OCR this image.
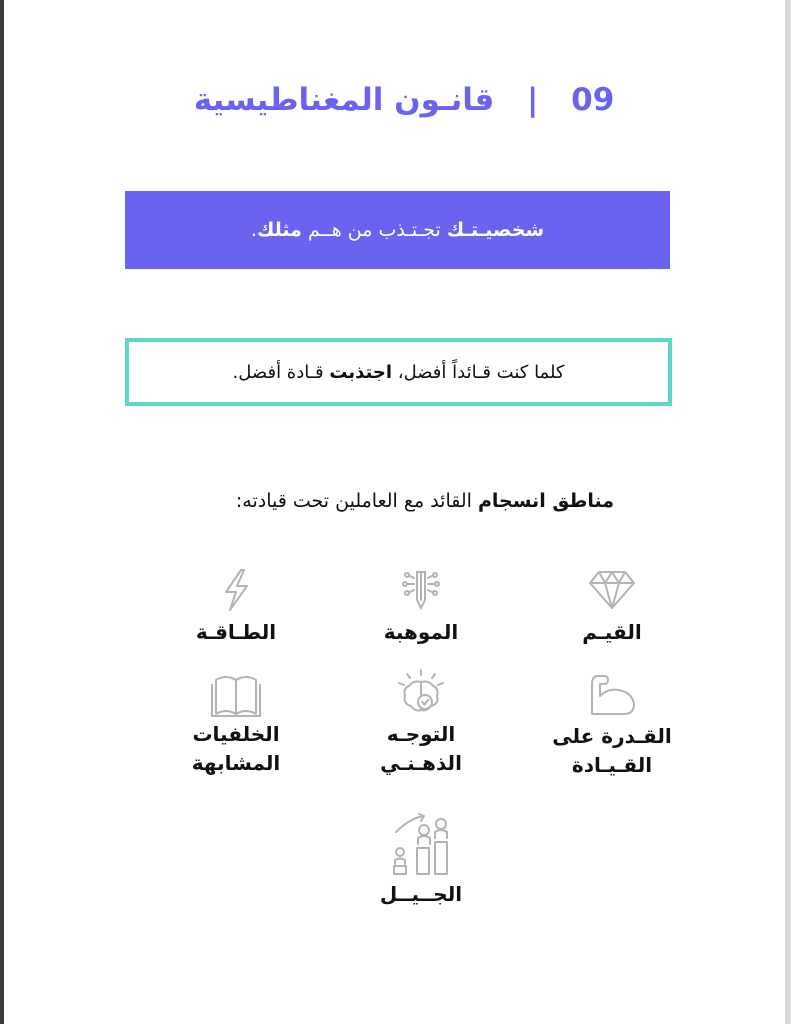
09 | قانـون المغناطيسية
شخصيـتـك تجـتـذب من هــم مثلك.
كلما كنت قـائداً أفضل، اجتذبت قـادة أفضل.
مناطق انسجام القائد مع العاملين تحت قيادته:
القيـم
الموهبة
الطـاقـة
القـدرة على
القـيـادة
التوجـه
الذهـنـي
الخلفيات
المشابهة
الجــيــل
